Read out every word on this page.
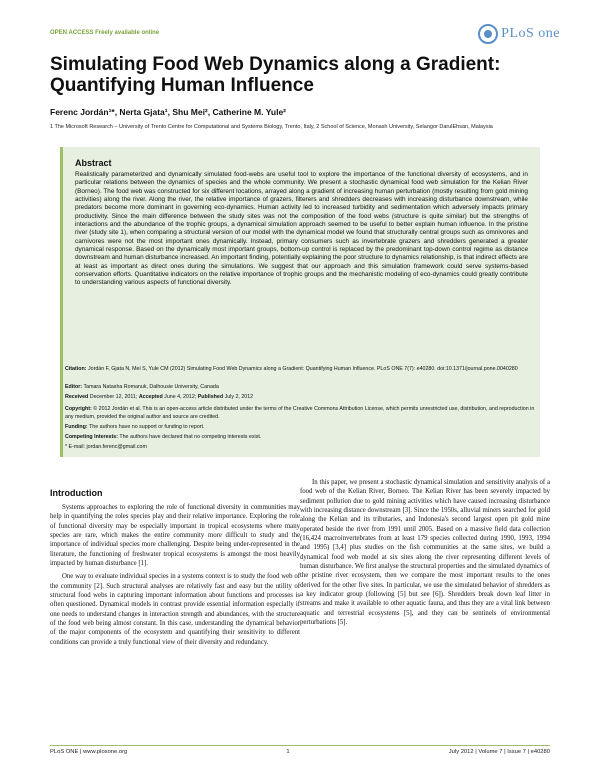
OPEN ACCESS Freely available online	PLoS one
Simulating Food Web Dynamics along a Gradient: Quantifying Human Influence
Ferenc Jordán¹*, Nerta Gjata¹, Shu Mei², Catherine M. Yule²
1 The Microsoft Research – University of Trento Centre for Computational and Systems Biology, Trento, Italy, 2 School of Science, Monash University, Selangor DarulEhsan, Malaysia
Abstract
Realistically parameterized and dynamically simulated food-webs are useful tool to explore the importance of the functional diversity of ecosystems, and in particular relations between the dynamics of species and the whole community. We present a stochastic dynamical food web simulation for the Kelian River (Borneo). The food web was constructed for six different locations, arrayed along a gradient of increasing human perturbation (mostly resulting from gold mining activities) along the river. Along the river, the relative importance of grazers, filterers and shredders decreases with increasing disturbance downstream, while predators become more dominant in governing eco-dynamics. Human activity led to increased turbidity and sedimentation which adversely impacts primary productivity. Since the main difference between the study sites was not the composition of the food webs (structure is quite similar) but the strengths of interactions and the abundance of the trophic groups, a dynamical simulation approach seemed to be useful to better explain human influence. In the pristine river (study site 1), when comparing a structural version of our model with the dynamical model we found that structurally central groups such as omnivores and carnivores were not the most important ones dynamically. Instead, primary consumers such as invertebrate grazers and shredders generated a greater dynamical response. Based on the dynamically most important groups, bottom-up control is replaced by the predominant top-down control regime as distance downstream and human disturbance increased. An important finding, potentially explaining the poor structure to dynamics relationship, is that indirect effects are at least as important as direct ones during the simulations. We suggest that our approach and this simulation framework could serve systems-based conservation efforts. Quantitative indicators on the relative importance of trophic groups and the mechanistic modeling of eco-dynamics could greatly contribute to understanding various aspects of functional diversity.
Citation: Jordán F, Gjata N, Mei S, Yule CM (2012) Simulating Food Web Dynamics along a Gradient: Quantifying Human Influence. PLoS ONE 7(7): e40280. doi:10.1371/journal.pone.0040280
Editor: Tamara Natasha Romanuk, Dalhousie University, Canada
Received December 12, 2011; Accepted June 4, 2012; Published July 2, 2012
Copyright: © 2012 Jordán et al. This is an open-access article distributed under the terms of the Creative Commons Attribution License, which permits unrestricted use, distribution, and reproduction in any medium, provided the original author and source are credited.
Funding: The authors have no support or funding to report.
Competing Interests: The authors have declared that no competing interests exist.
* E-mail: jordan.ferenc@gmail.com
Introduction

Systems approaches to exploring the role of functional diversity in communities may help in quantifying the roles species play and their relative importance. Exploring the role of functional diversity may be especially important in tropical ecosystems where many species are rare, which makes the entire community more difficult to study and the importance of individual species more challenging. Despite being under-represented in the literature, the functioning of freshwater tropical ecosystems is amongst the most heavily impacted by human disturbance [1].

One way to evaluate individual species in a systems context is to study the food web of the community [2]. Such structural analyses are relatively fast and easy but the utility of structural food webs in capturing important information about functions and processes is often questioned. Dynamical models in contrast provide essential information especially if one needs to understand changes in interaction strength and abundances, with the structure of the food web being almost constant. In this case, understanding the dynamical behavior of the major components of the ecosystem and quantifying their sensitivity to different conditions can provide a truly functional view of their diversity and redundancy.

In this paper, we present a stochastic dynamical simulation and sensitivity analysis of a food web of the Kelian River, Borneo. The Kelian River has been severely impacted by sediment pollution due to gold mining activities which have caused increasing disturbance with increasing distance downstream [3]. Since the 1950s, alluvial miners searched for gold along the Kelian and its tributaries, and Indonesia's second largest open pit gold mine operated beside the river from 1991 until 2005. Based on a massive field data collection (16,424 macroinvertebrates from at least 179 species collected during 1990, 1993, 1994 and 1995) [3,4] plus studies on the fish communities at the same sites, we build a dynamical food web model at six sites along the river representing different levels of human disturbance. We first analyse the structural properties and the simulated dynamics of the pristine river ecosystem, then we compare the most important results to the ones derived for the other five sites. In particular, we use the simulated behavior of shredders as a key indicator group (following [5] but see [6]). Shredders break down leaf litter in streams and make it available to other aquatic fauna, and thus they are a vital link between aquatic and terrestrial ecosystems [5], and they can be sentinels of environmental perturbations [5].

PLoS ONE | www.plosone.org	1	July 2012 | Volume 7 | Issue 7 | e40280
